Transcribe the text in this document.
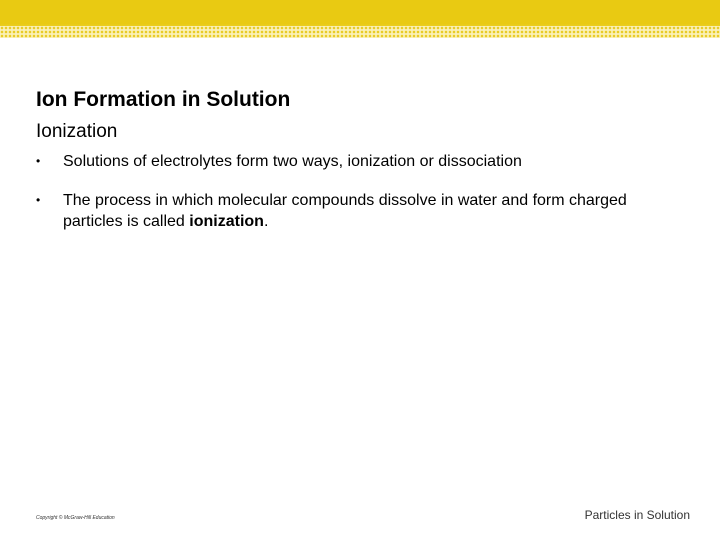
Ion Formation in Solution
Ionization
• Solutions of electrolytes form two ways, ionization or dissociation
• The process in which molecular compounds dissolve in water and form charged particles is called ionization.
Copyright © McGraw-Hill Education	Particles in Solution
